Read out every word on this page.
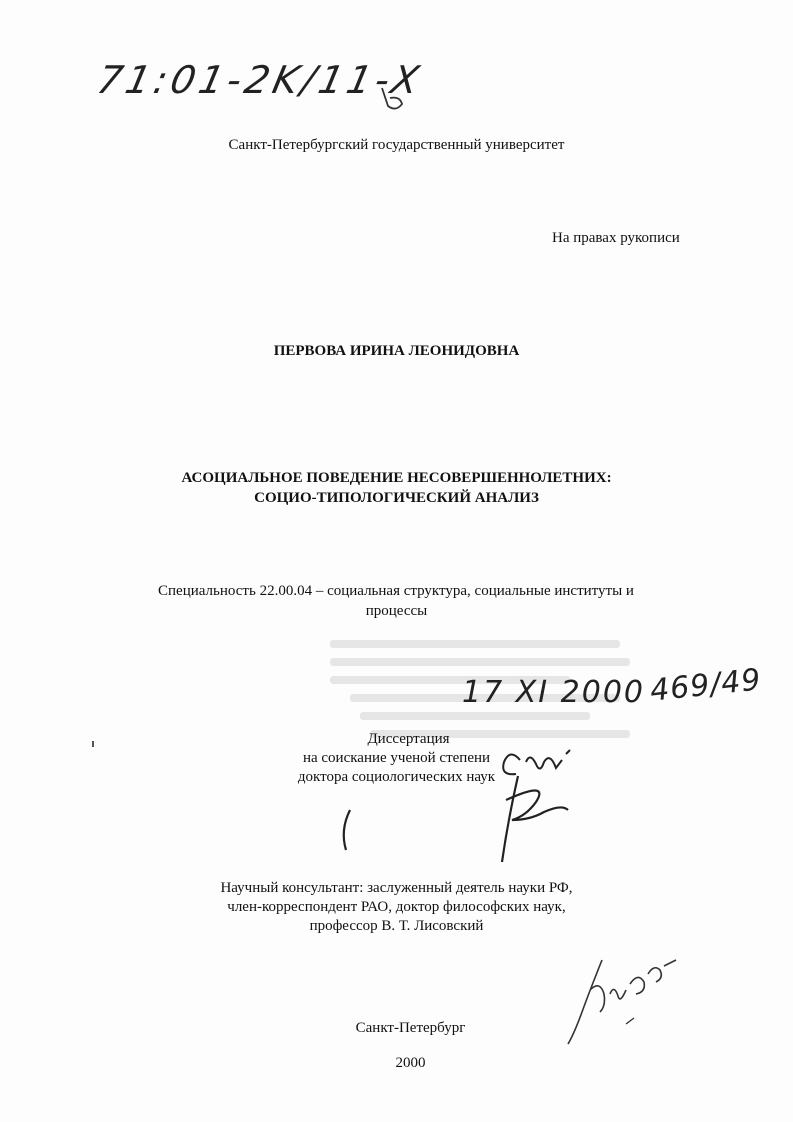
71:01-2K/11-X
Санкт-Петербургский государственный университет
На правах рукописи
ПЕРВОВА ИРИНА ЛЕОНИДОВНА
АСОЦИАЛЬНОЕ ПОВЕДЕНИЕ НЕСОВЕРШЕННОЛЕТНИХ:
СОЦИО-ТИПОЛОГИЧЕСКИЙ АНАЛИЗ
Специальность 22.00.04 – социальная структура, социальные институты и
процессы
17 XI 2000 469/49
Диссертация
на соискание ученой степени
доктора социологических наук
Научный консультант: заслуженный деятель науки РФ,
член-корреспондент РАО, доктор философских наук,
профессор В. Т. Лисовский
Санкт-Петербург
2000
